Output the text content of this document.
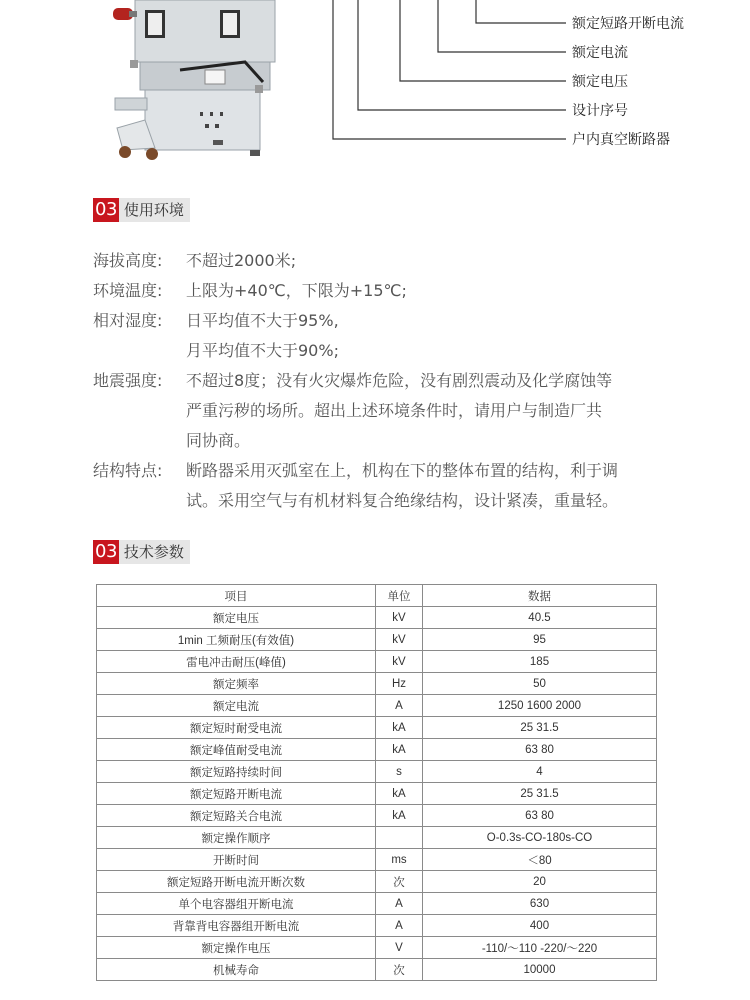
额定短路开断电流
额定电流
额定电压
设计序号
户内真空断路器
03 使用环境
海拔高度:	不超过2000米;
环境温度:	上限为+40℃，下限为+15℃;
相对湿度:	日平均值不大于95%,
月平均值不大于90%;
地震强度:	不超过8度；没有火灾爆炸危险，没有剧烈震动及化学腐蚀等
严重污秽的场所。超出上述环境条件时，请用户与制造厂共
同协商。
结构特点:	断路器采用灭弧室在上，机构在下的整体布置的结构，利于调
试。采用空气与有机材料复合绝缘结构，设计紧凑，重量轻。
03 技术参数
项目	单位	数据
额定电压	kV	40.5
1min 工频耐压(有效值)	kV	95
雷电冲击耐压(峰值)	kV	185
额定频率	Hz	50
额定电流	A	1250 1600 2000
额定短时耐受电流	kA	25 31.5
额定峰值耐受电流	kA	63 80
额定短路持续时间	s	4
额定短路开断电流	kA	25 31.5
额定短路关合电流	kA	63 80
额定操作顺序		O-0.3s-CO-180s-CO
开断时间	ms	＜80
额定短路开断电流开断次数	次	20
单个电容器组开断电流	A	630
背靠背电容器组开断电流	A	400
额定操作电压	V	-110/～110 -220/～220
机械寿命	次	10000
